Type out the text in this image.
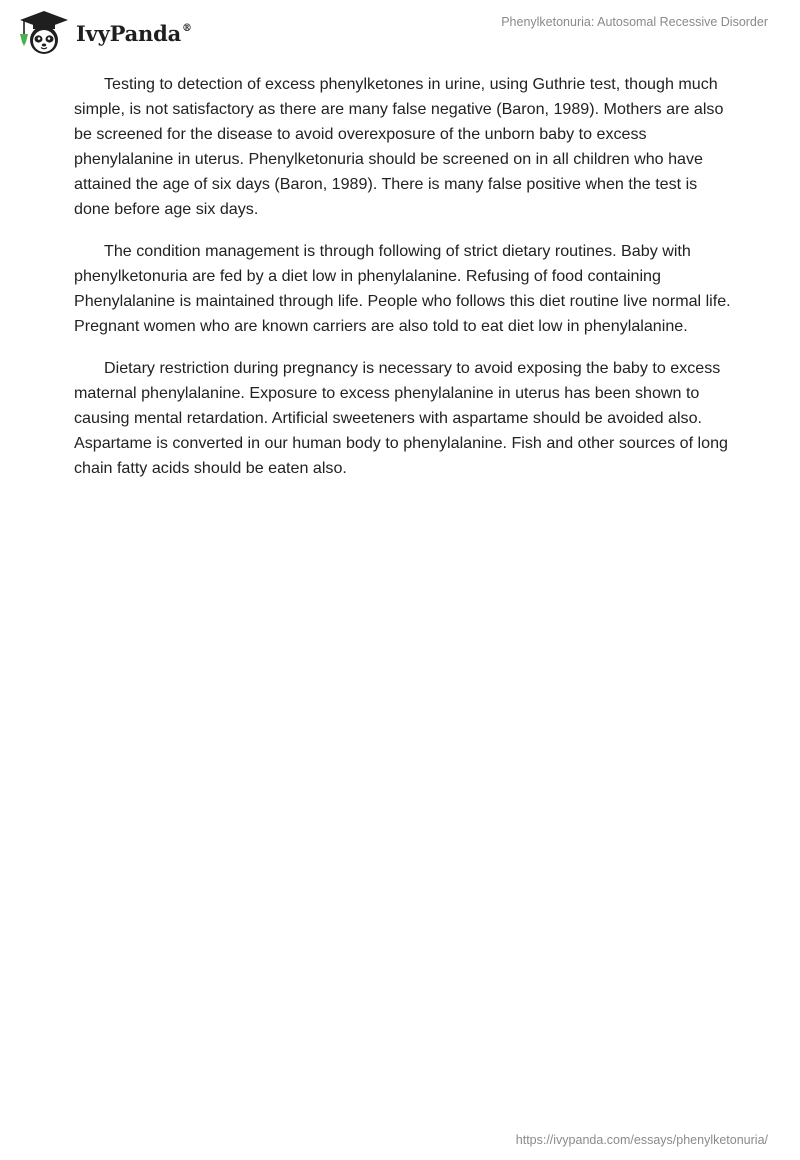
IvyPanda®	Phenylketonuria: Autosomal Recessive Disorder

Testing to detection of excess phenylketones in urine, using Guthrie test, though much simple, is not satisfactory as there are many false negative (Baron, 1989). Mothers are also be screened for the disease to avoid overexposure of the unborn baby to excess phenylalanine in uterus. Phenylketonuria should be screened on in all children who have attained the age of six days (Baron, 1989). There is many false positive when the test is done before age six days.

The condition management is through following of strict dietary routines. Baby with phenylketonuria are fed by a diet low in phenylalanine. Refusing of food containing Phenylalanine is maintained through life. People who follows this diet routine live normal life. Pregnant women who are known carriers are also told to eat diet low in phenylalanine.

Dietary restriction during pregnancy is necessary to avoid exposing the baby to excess maternal phenylalanine. Exposure to excess phenylalanine in uterus has been shown to causing mental retardation. Artificial sweeteners with aspartame should be avoided also. Aspartame is converted in our human body to phenylalanine. Fish and other sources of long chain fatty acids should be eaten also.

https://ivypanda.com/essays/phenylketonuria/
